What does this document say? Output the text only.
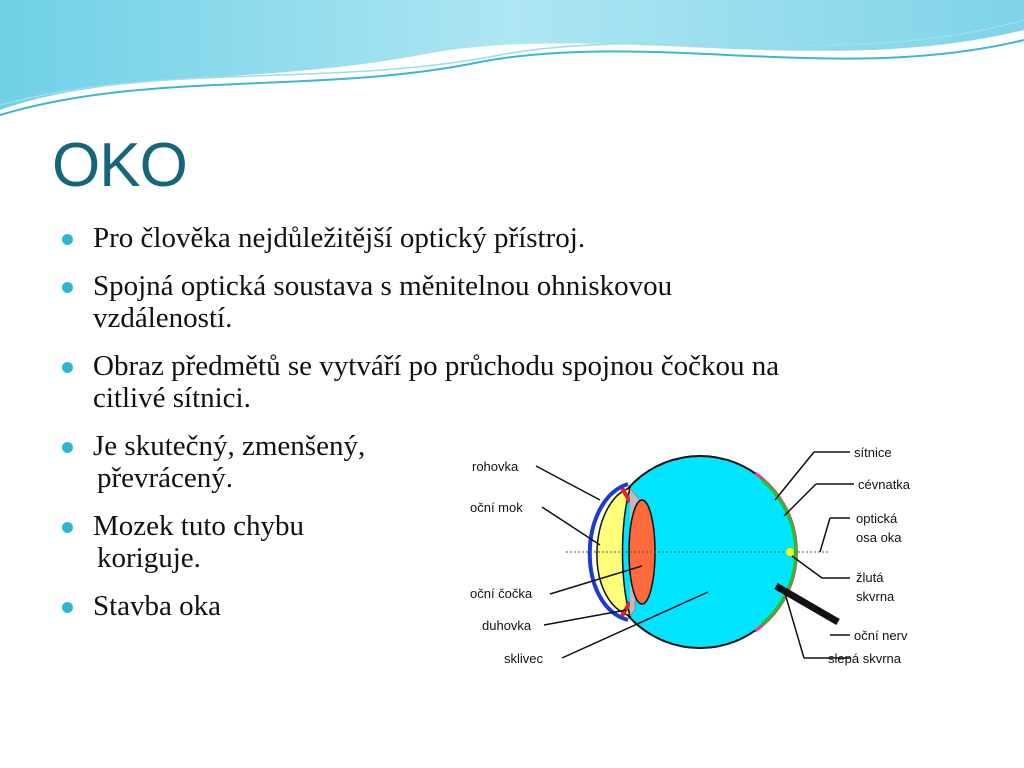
OKO
Pro člověka nejdůležitější optický přístroj.
Spojná optická soustava s měnitelnou ohniskovou
vzdáleností.
Obraz předmětů se vytváří po průchodu spojnou čočkou na
citlivé sítnici.
Je skutečný, zmenšený,

převrácený.
Mozek tuto chybu

koriguje.
Stavba oka
rohovka
oční mok
oční čočka
duhovka
sklivec
sítnice
cévnatka
optická
osa oka
žlutá
skvrna
oční nerv
slepá skvrna
